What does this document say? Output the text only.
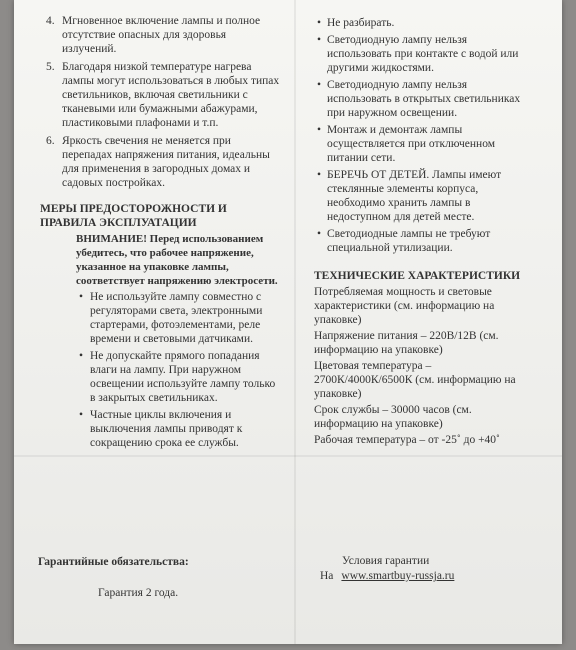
4. Мгновенное включение лампы и полное отсутствие опасных для здоровья излучений.
5. Благодаря низкой температуре нагрева лампы могут использоваться в любых типах светильников, включая светильники с тканевыми или бумажными абажурами, пластиковыми плафонами и т.п.
6. Яркость свечения не меняется при перепадах напряжения питания, идеальны для применения в загородных домах и садовых постройках.
МЕРЫ ПРЕДОСТОРОЖНОСТИ И ПРАВИЛА ЭКСПЛУАТАЦИИ
ВНИМАНИЕ! Перед использованием убедитесь, что рабочее напряжение, указанное на упаковке лампы, соответствует напряжению электросети.
• Не используйте лампу совместно с регуляторами света, электронными стартерами, фотоэлементами, реле времени и световыми датчиками.
• Не допускайте прямого попадания влаги на лампу. При наружном освещении используйте лампу только в закрытых светильниках.
• Частные циклы включения и выключения лампы приводят к сокращению срока ее службы.
• Не разбирать.
• Светодиодную лампу нельзя использовать при контакте с водой или другими жидкостями.
• Светодиодную лампу нельзя использовать в открытых светильниках при наружном освещении.
• Монтаж и демонтаж лампы осуществляется при отключенном питании сети.
• БЕРЕЧЬ ОТ ДЕТЕЙ. Лампы имеют стеклянные элементы корпуса, необходимо хранить лампы в недоступном для детей месте.
• Светодиодные лампы не требуют специальной утилизации.
ТЕХНИЧЕСКИЕ ХАРАКТЕРИСТИКИ

Потребляемая мощность и световые характеристики (см. информацию на упаковке)

Напряжение питания – 220В/12В (см. информацию на упаковке)

Цветовая температура – 2700К/4000К/6500К (см. информацию на упаковке)

Срок службы – 30000 часов (см. информацию на упаковке)

Рабочая температура – от -25˚ до +40˚

Гарантийные обязательства:
Гарантия 2 года.
Условия гарантии
На www.smartbuy-russja.ru
